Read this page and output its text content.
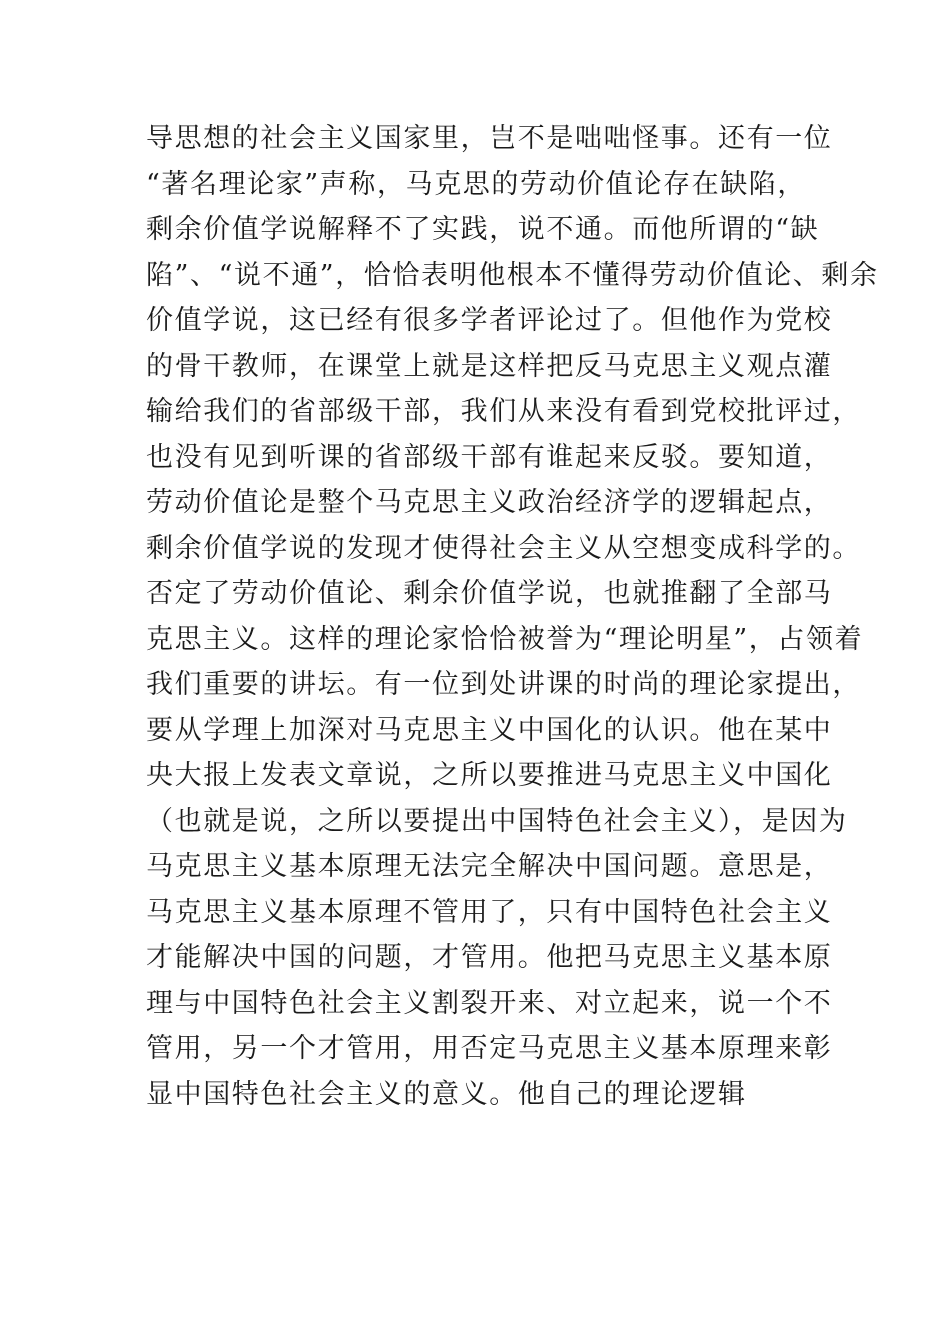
导思想的社会主义国家里，岂不是咄咄怪事。还有一位
“著名理论家”声称，马克思的劳动价值论存在缺陷，
剩余价值学说解释不了实践，说不通。而他所谓的“缺
陷”、“说不通”，恰恰表明他根本不懂得劳动价值论、剩余
价值学说，这已经有很多学者评论过了。但他作为党校
的骨干教师，在课堂上就是这样把反马克思主义观点灌
输给我们的省部级干部，我们从来没有看到党校批评过，
也没有见到听课的省部级干部有谁起来反驳。要知道，
劳动价值论是整个马克思主义政治经济学的逻辑起点，
剩余价值学说的发现才使得社会主义从空想变成科学的。
否定了劳动价值论、剩余价值学说，也就推翻了全部马
克思主义。这样的理论家恰恰被誉为“理论明星”，占领着
我们重要的讲坛。有一位到处讲课的时尚的理论家提出，
要从学理上加深对马克思主义中国化的认识。他在某中
央大报上发表文章说，之所以要推进马克思主义中国化
（也就是说，之所以要提出中国特色社会主义），是因为
马克思主义基本原理无法完全解决中国问题。意思是，
马克思主义基本原理不管用了，只有中国特色社会主义
才能解决中国的问题，才管用。他把马克思主义基本原
理与中国特色社会主义割裂开来、对立起来，说一个不
管用，另一个才管用，用否定马克思主义基本原理来彰
显中国特色社会主义的意义。他自己的理论逻辑
